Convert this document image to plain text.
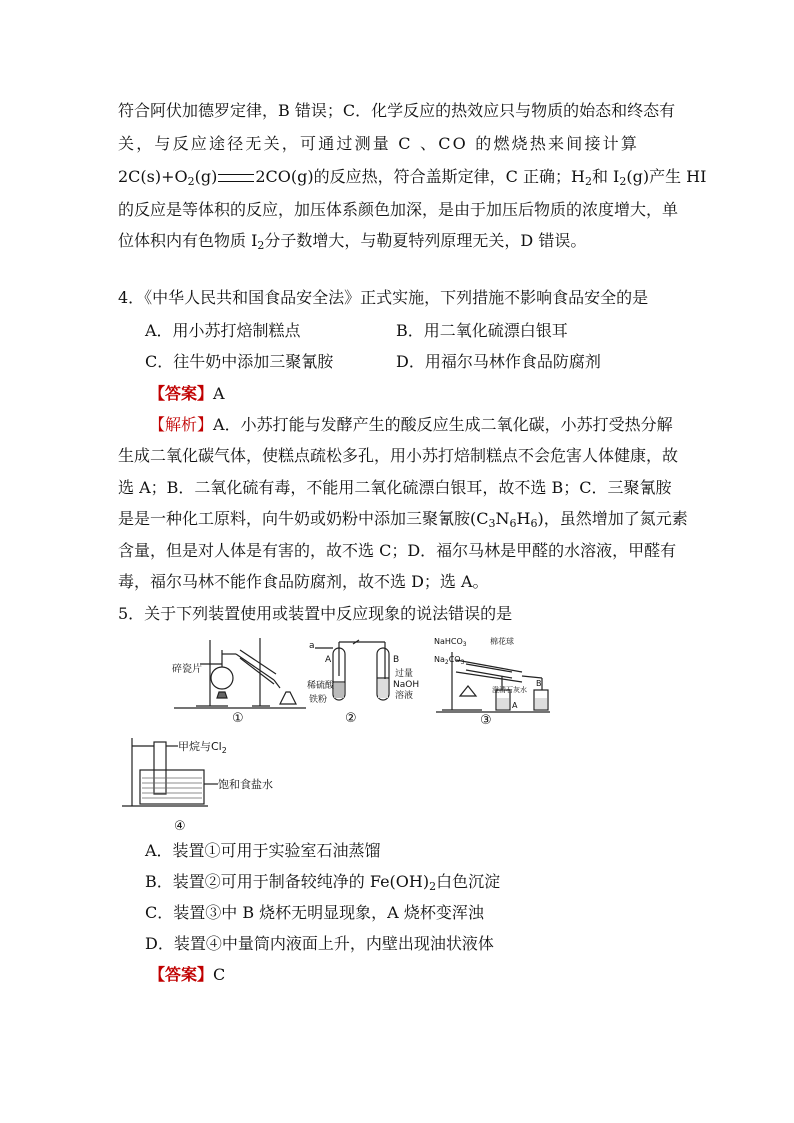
符合阿伏加德罗定律，B 错误；C．化学反应的热效应只与物质的始态和终态有
关，与反应途径无关，可通过测量 C 、CO 的燃烧热来间接计算
$2C(s)+O_2(g)$ 2CO(g)的反应热，符合盖斯定律，C 正确；$H_2$和 $I_2(g)$产生 HI
的反应是等体积的反应，加压体系颜色加深，是由于加压后物质的浓度增大，单
位体积内有色物质 $I_2$分子数增大，与勒夏特列原理无关，D 错误。
4．《中华人民共和国食品安全法》正式实施，下列措施不影响食品安全的是
A．用小苏打焙制糕点	B．用二氧化硫漂白银耳
C．往牛奶中添加三聚氰胺	D．用福尔马林作食品防腐剂
【答案】A
【解析】A．小苏打能与发酵产生的酸反应生成二氧化碳，小苏打受热分解
生成二氧化碳气体，使糕点疏松多孔，用小苏打焙制糕点不会危害人体健康，故
选 A；B．二氧化硫有毒，不能用二氧化硫漂白银耳，故不选 B；C．三聚氰胺
是是一种化工原料，向牛奶或奶粉中添加三聚氰胺$(C_3N_6H_6)$，虽然增加了氮元素
含量，但是对人体是有害的，故不选 C；D．福尔马林是甲醛的水溶液，甲醛有
毒，福尔马林不能作食品防腐剂，故不选 D；选 A。
5．关于下列装置使用或装置中反应现象的说法错误的是
碎瓷片
①
a
A	B
稀硫酸
铁粉
过量
NaOH
溶液
②
NaHCO$_3$
$Na_2CO_3$
棉花球
澄清石灰水
A
B
③
甲烷与$Cl_2$
饱和食盐水
④
A．装置①可用于实验室石油蒸馏
B．装置②可用于制备较纯净的 $Fe(OH)_2$白色沉淀
C．装置③中 B 烧杯无明显现象，A 烧杯变浑浊
D．装置④中量筒内液面上升，内壁出现油状液体
【答案】C
